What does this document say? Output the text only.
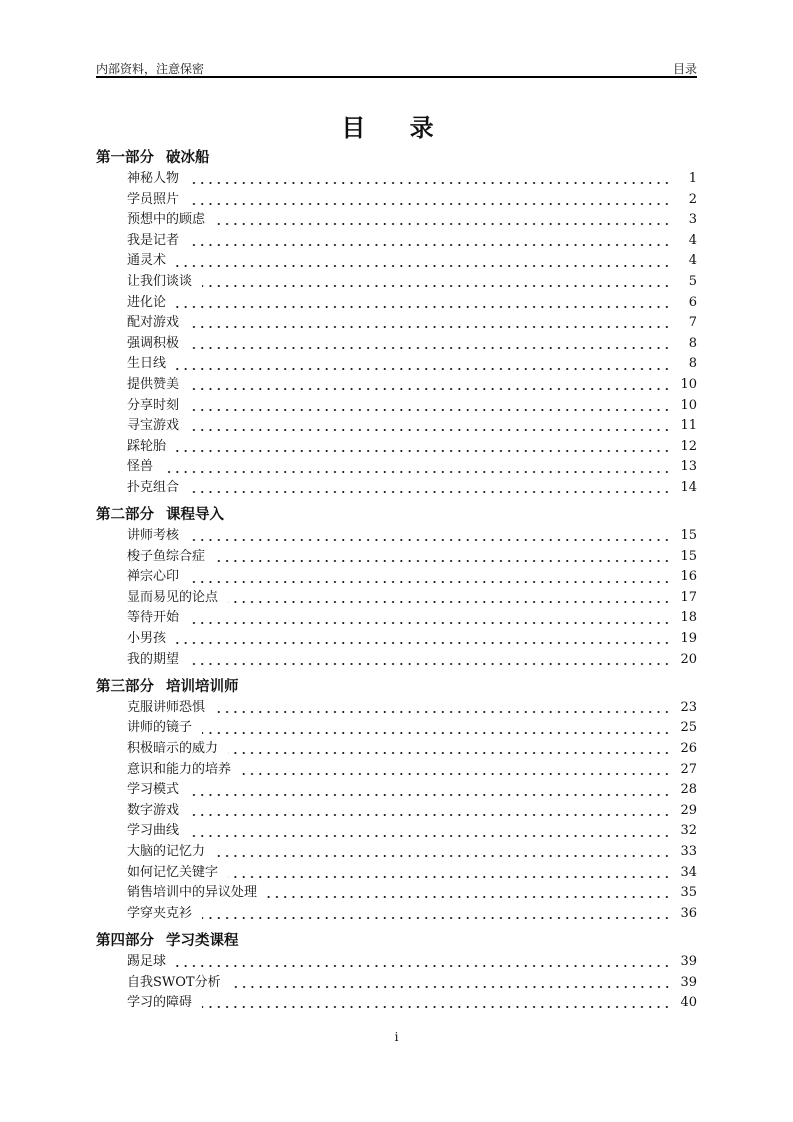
内部资料，注意保密	目录
目 录
第一部分 破冰船
神秘人物	1
学员照片	2
预想中的顾虑	3
我是记者	4
通灵术	4
让我们谈谈	5
进化论	6
配对游戏	7
强调积极	8
生日线	8
提供赞美	10
分享时刻	10
寻宝游戏	11
踩轮胎	12
怪兽	13
扑克组合	14
第二部分 课程导入
讲师考核	15
梭子鱼综合症	15
禅宗心印	16
显而易见的论点	17
等待开始	18
小男孩	19
我的期望	20
第三部分 培训培训师
克服讲师恐惧	23
讲师的镜子	25
积极暗示的威力	26
意识和能力的培养	27
学习模式	28
数字游戏	29
学习曲线	32
大脑的记忆力	33
如何记忆关键字	34
销售培训中的异议处理	35
学穿夹克衫	36
第四部分 学习类课程
踢足球	39
自我SWOT分析	39
学习的障碍	40
i
